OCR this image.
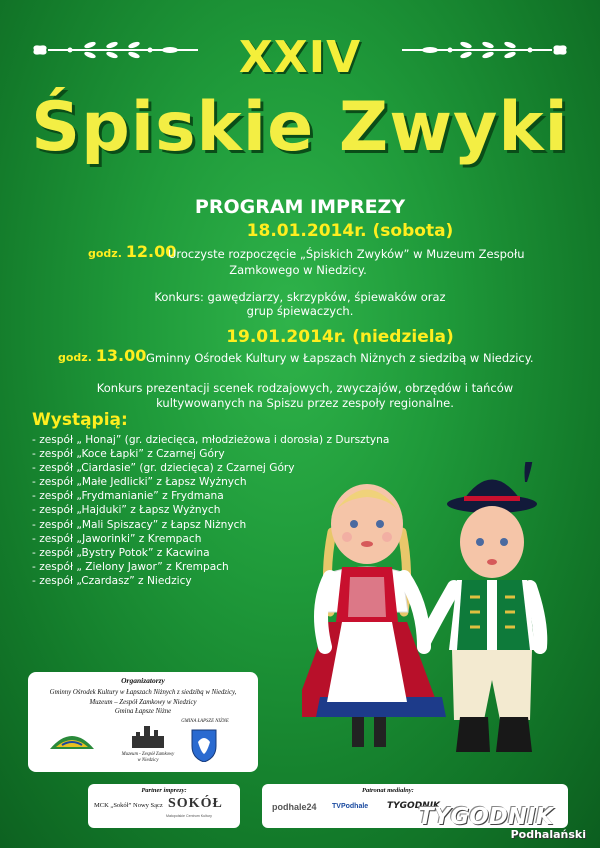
XXIV
Śpiskie Zwyki
PROGRAM IMPREZY
18.01.2014r. (sobota)
godz. 12.00
Uroczyste rozpoczęcie „Śpiskich Zwyków” w Muzeum Zespołu
Zamkowego w Niedzicy.
Konkurs: gawędziarzy, skrzypków, śpiewaków oraz
grup śpiewaczych.
19.01.2014r. (niedziela)
godz. 13.00 Gminny Ośrodek Kultury w Łapszach Niżnych z siedzibą w Niedzicy.
Konkurs prezentacji scenek rodzajowych, zwyczajów, obrzędów i tańców
kultywowanych na Spiszu przez zespoły regionalne.
Wystąpią:
- zespół „ Honaj” (gr. dziecięca, młodzieżowa i dorosła) z Dursztyna
- zespół „Koce Łapki” z Czarnej Góry
- zespół „Ciardasie” (gr. dziecięca) z Czarnej Góry
- zespół „Małe Jedlicki” z Łapsz Wyżnych
- zespół „Frydmanianie” z Frydmana
- zespół „Hajduki” z Łapsz Wyżnych
- zespół „Mali Spiszacy” z Łapsz Niżnych
- zespół „Jaworinki” z Krempach
- zespół „Bystry Potok” z Kacwina
- zespół „ Zielony Jawor” z Krempach
- zespół „Czardasz” z Niedzicy
Organizatorzy
Gminny Ośrodek Kultury w Łapszach Niżnych z siedzibą w Niedzicy,
Muzeum – Zespół Zamkowy w Niedzicy
Gmina Łapsze Niżne
Muzeum - Zespół Zamkowy
w Niedzicy
GMINA ŁAPSZE NIŻNE
Partner imprezy:
MCK „Sokół” Nowy Sącz SOKÓŁ
Małopolskie Centrum Kultury
Patronat medialny:
podhale24 TVPodhale TYGODNIK
TYGODNIK
Podhalański
